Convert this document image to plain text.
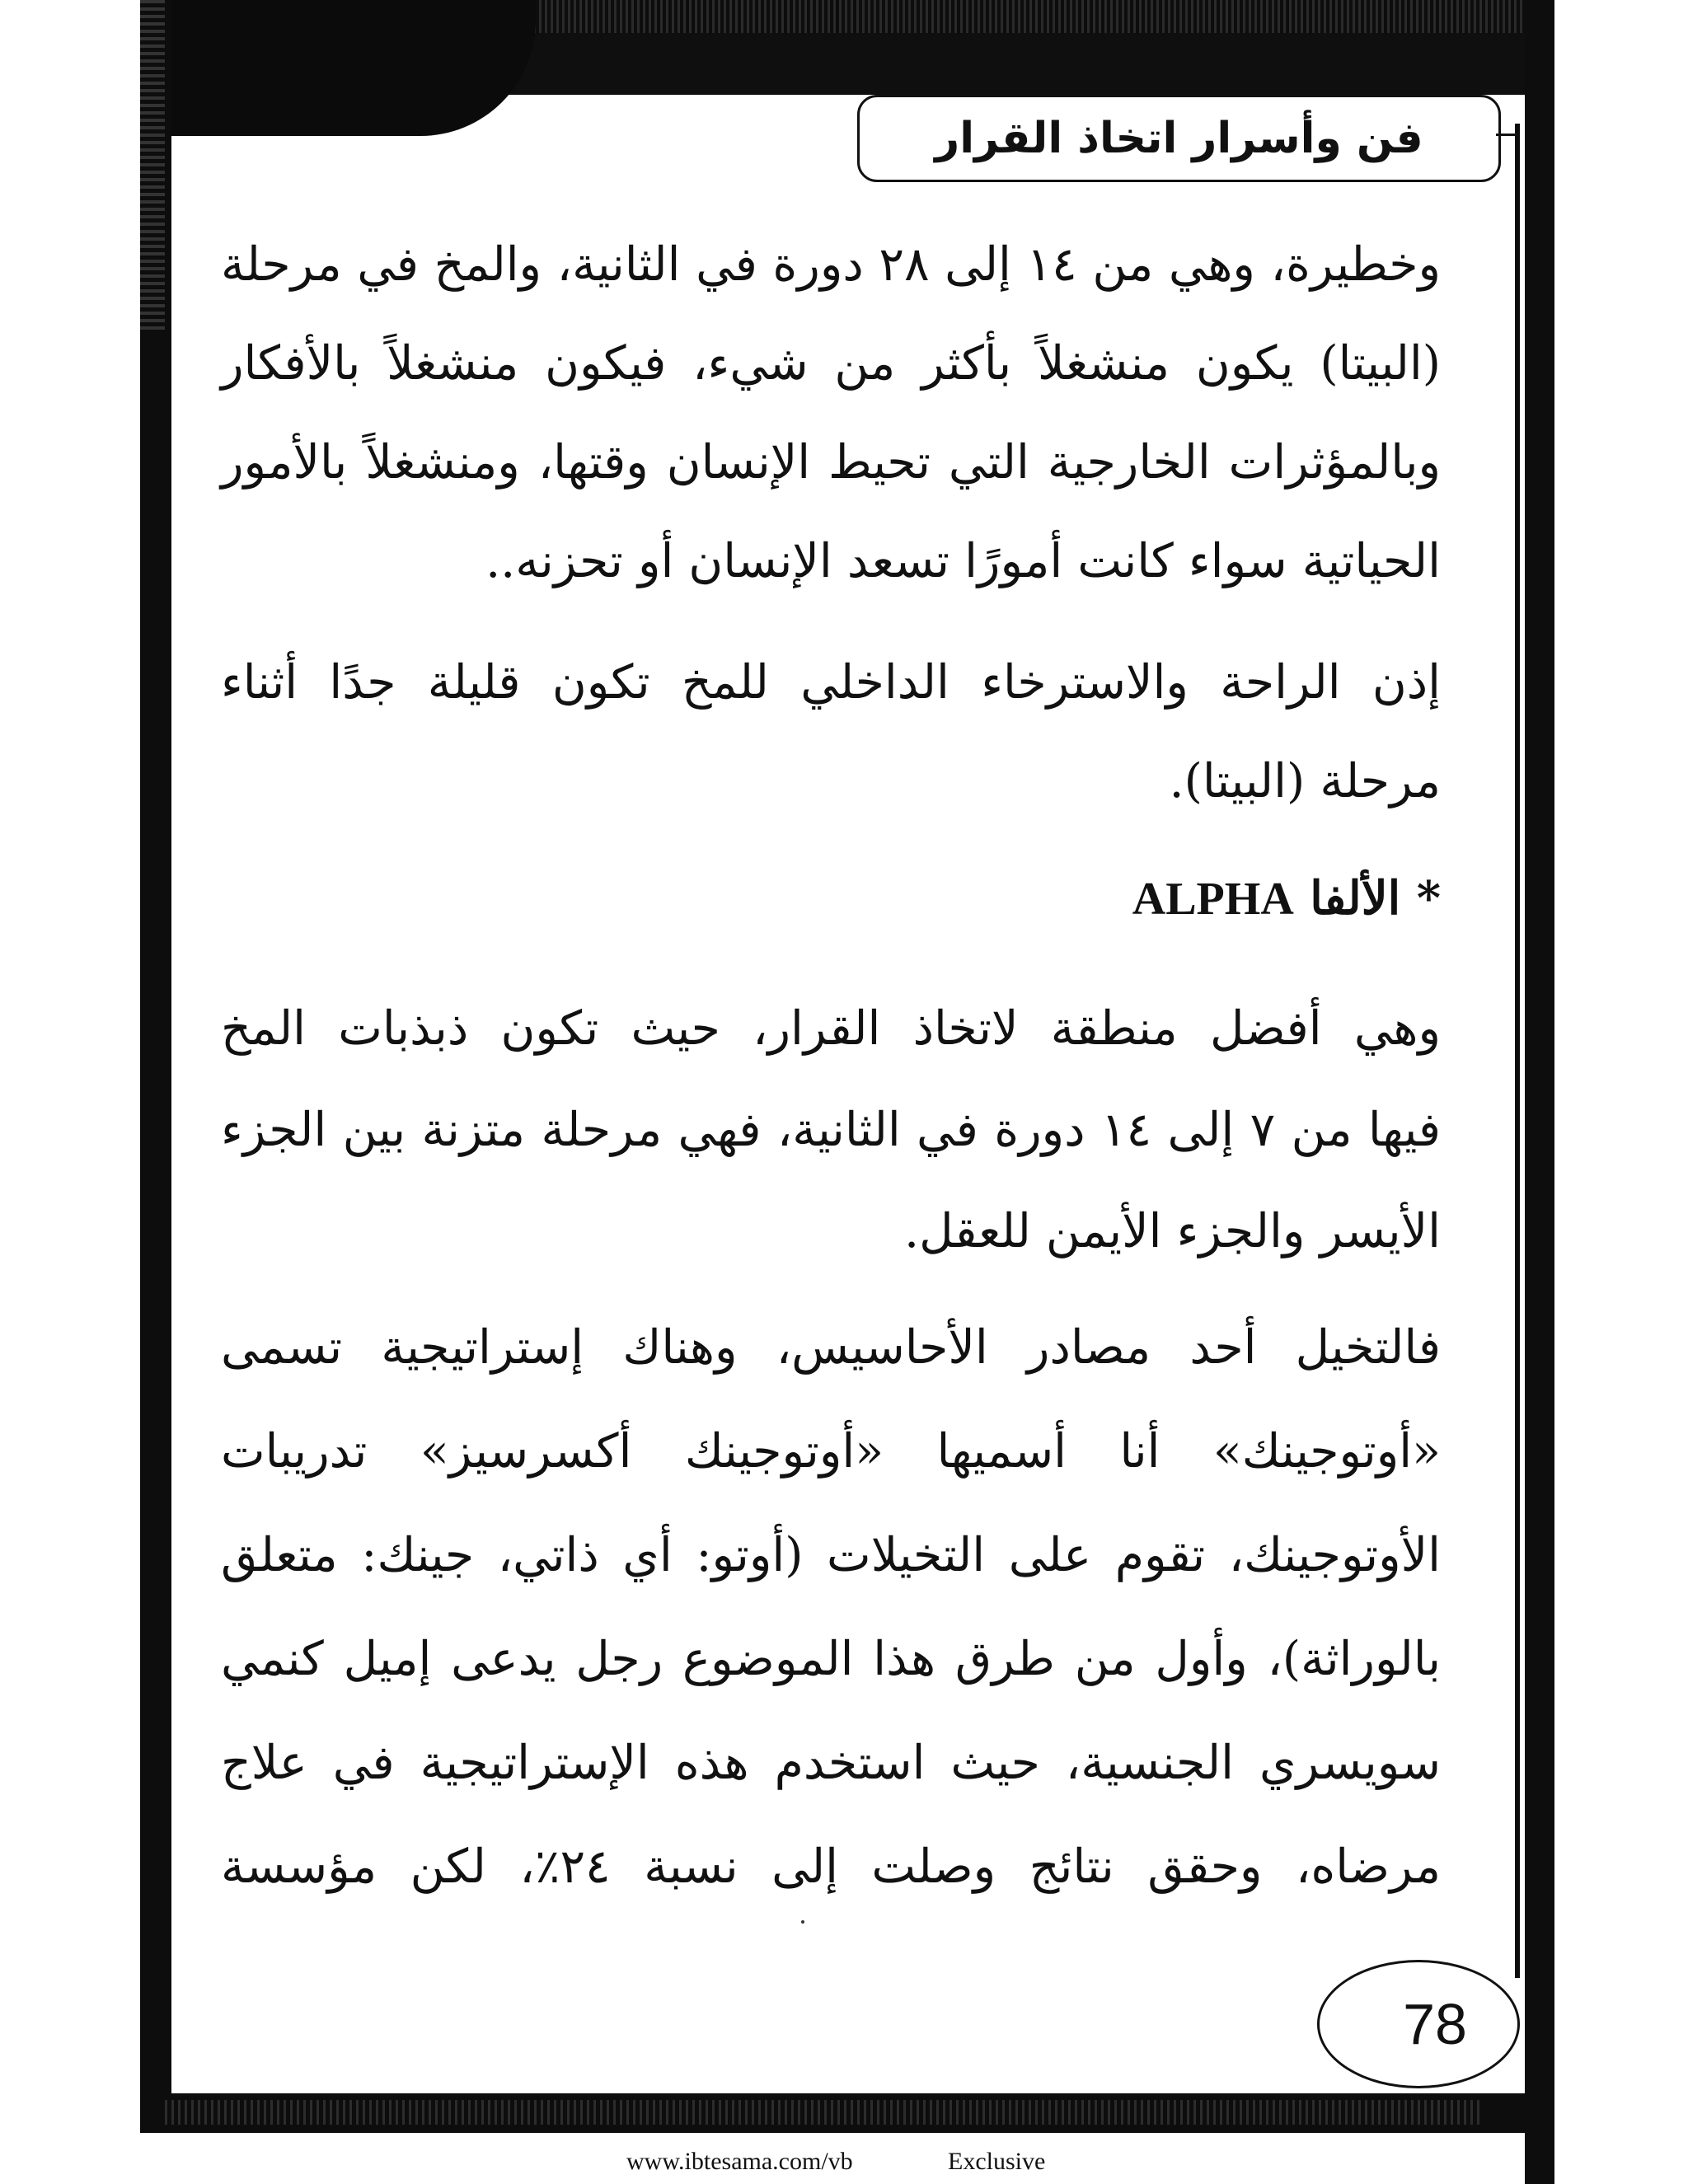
فن وأسرار اتخاذ القرار
وخطيرة، وهي من ١٤ إلى ٢٨ دورة في الثانية، والمخ في مرحلة
(البيتا) يكون منشغلاً بأكثر من شيء، فيكون منشغلاً بالأفكار
وبالمؤثرات الخارجية التي تحيط الإنسان وقتها، ومنشغلاً بالأمور
الحياتية سواء كانت أمورًا تسعد الإنسان أو تحزنه..
إذن الراحة والاسترخاء الداخلي للمخ تكون قليلة جدًا أثناء
مرحلة (البيتا).
* الألفا ALPHA
وهي أفضل منطقة لاتخاذ القرار، حيث تكون ذبذبات المخ
فيها من ٧ إلى ١٤ دورة في الثانية، فهي مرحلة متزنة بين الجزء
الأيسر والجزء الأيمن للعقل.
فالتخيل أحد مصادر الأحاسيس، وهناك إستراتيجية تسمى
«أوتوجينك» أنا أسميها «أوتوجينك أكسرسيز» تدريبات
الأوتوجينك، تقوم على التخيلات (أوتو: أي ذاتي، جينك: متعلق
بالوراثة)، وأول من طرق هذا الموضوع رجل يدعى إميل كنمي
سويسري الجنسية، حيث استخدم هذه الإستراتيجية في علاج
مرضاه، وحقق نتائج وصلت إلى نسبة ٢٤٪، لكن مؤسسة
78
www.ibtesama.com/vb	Exclusive
